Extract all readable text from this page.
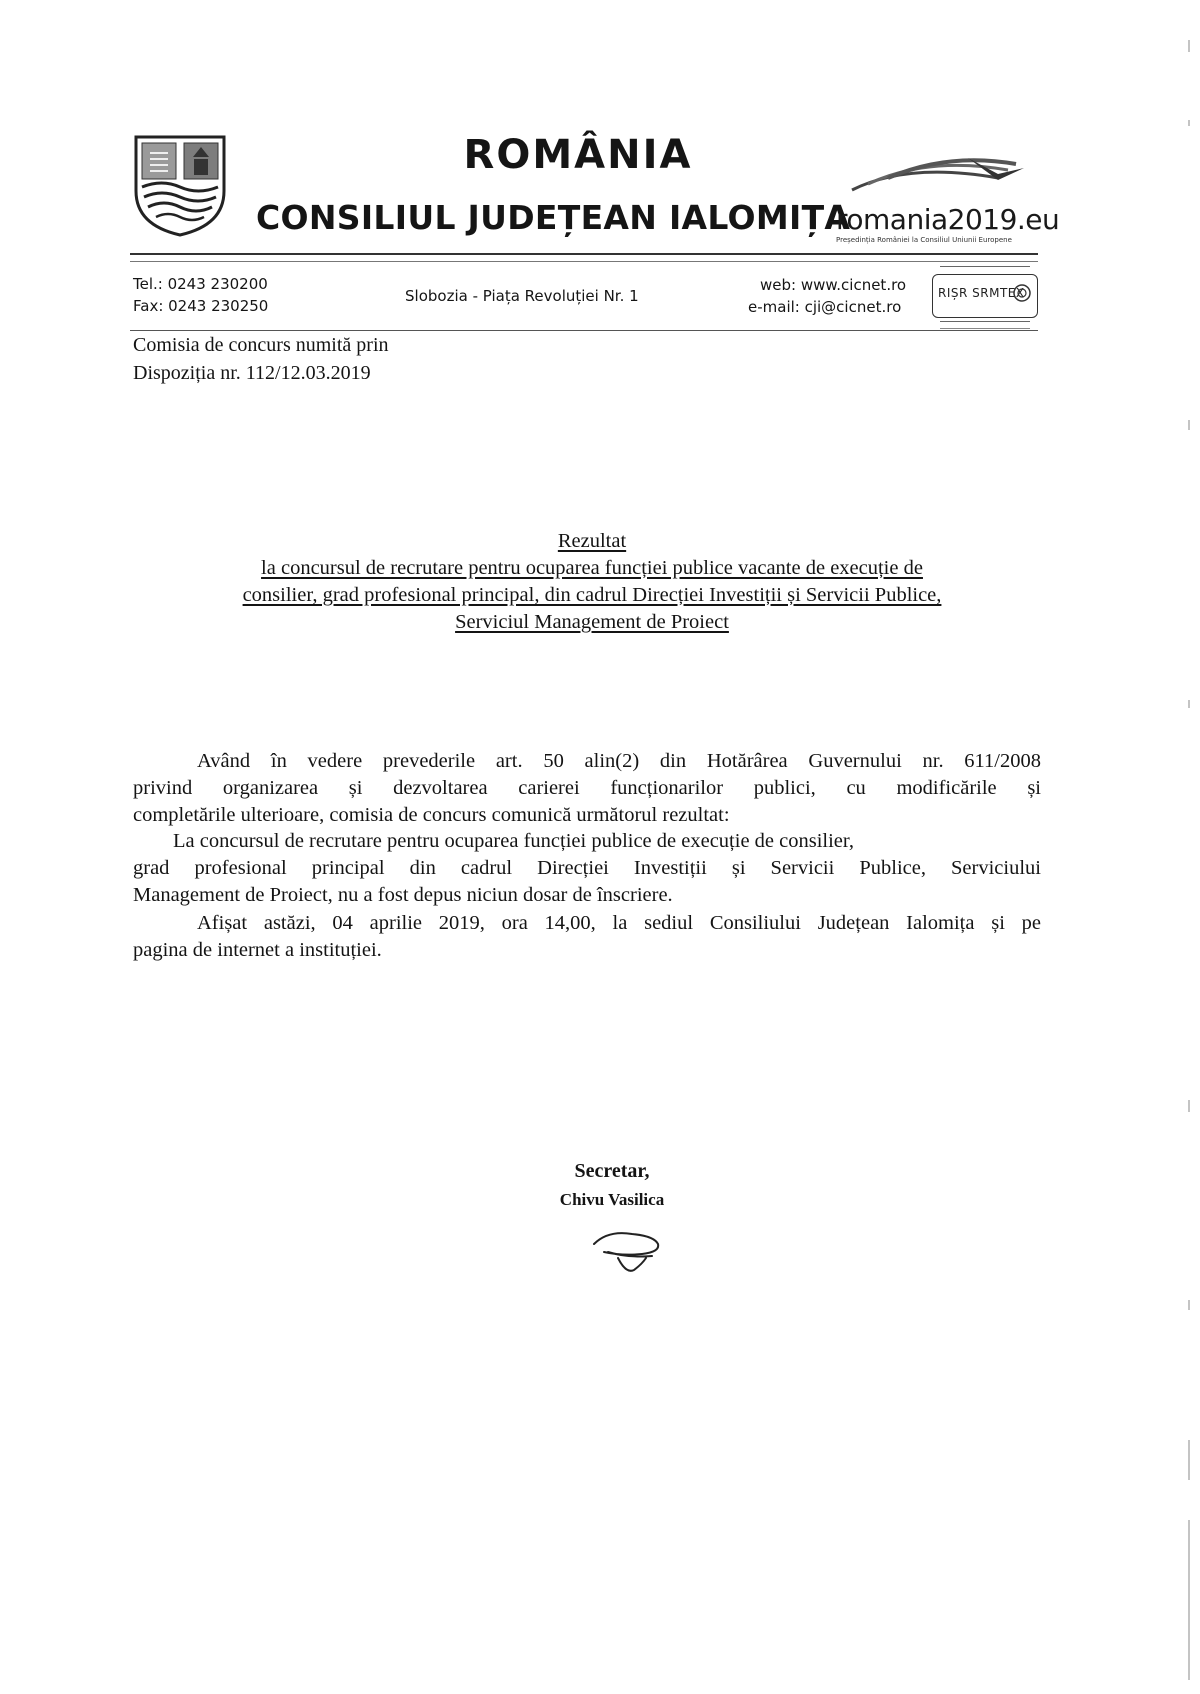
ROMÂNIA
CONSILIUL JUDEȚEAN IALOMIȚA
romania2019.eu
Președinția României la Consiliul Uniunii Europene
Tel.: 0243 230200
Fax: 0243 230250
Slobozia - Piața Revoluției Nr. 1
web: www.cicnet.ro
e-mail: cji@cicnet.ro
RIȘR SRMTEX
Comisia de concurs numită prin
Dispoziția nr. 112/12.03.2019
Rezultat
la concursul de recrutare pentru ocuparea funcției publice vacante de execuție de
consilier, grad profesional principal, din cadrul Direcției Investiții și Servicii Publice,
Serviciul Management de Proiect
Având în vedere prevederile art. 50 alin(2) din Hotărârea Guvernului nr. 611/2008
privind organizarea și dezvoltarea carierei funcționarilor publici, cu modificările și
completările ulterioare, comisia de concurs comunică următorul rezultat:
La concursul de recrutare pentru ocuparea funcției publice de execuție de consilier,
grad profesional principal din cadrul Direcției Investiții și Servicii Publice, Serviciului
Management de Proiect, nu a fost depus niciun dosar de înscriere.
Afișat astăzi, 04 aprilie 2019, ora 14,00, la sediul Consiliului Județean Ialomița și pe
pagina de internet a instituției.
Secretar,
Chivu Vasilica
